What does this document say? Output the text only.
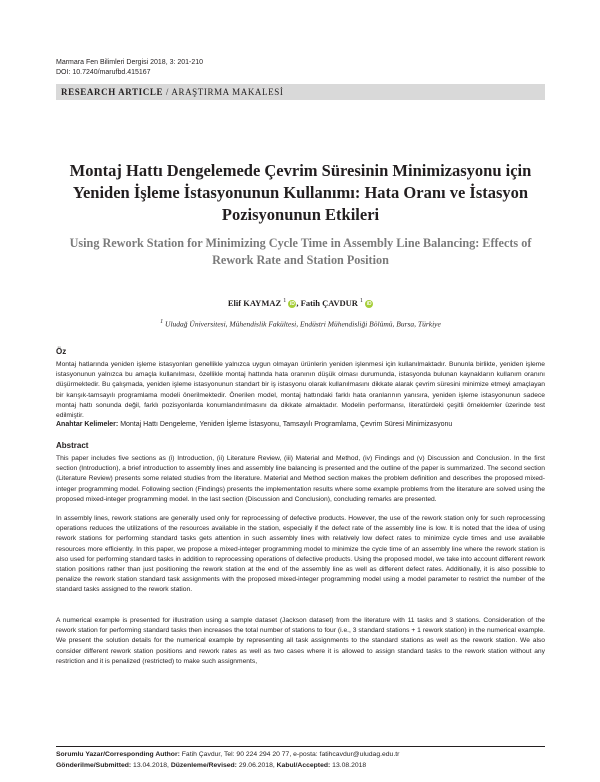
Marmara Fen Bilimleri Dergisi 2018, 3: 201-210
DOI: 10.7240/marufbd.415167
RESEARCH ARTICLE / ARAŞTIRMA MAKALESİ
Montaj Hattı Dengelemede Çevrim Süresinin Minimizasyonu için Yeniden İşleme İstasyonunun Kullanımı: Hata Oranı ve İstasyon Pozisyonunun Etkileri
Using Rework Station for Minimizing Cycle Time in Assembly Line Balancing: Effects of Rework Rate and Station Position
Elif KAYMAZ $^1$ iD , Fatih ÇAVDUR $^1$ iD
$^1$ Uludağ Üniversitesi, Mühendislik Fakültesi, Endüstri Mühendisliği Bölümü, Bursa, Türkiye
Öz
Montaj hatlarında yeniden işleme istasyonları genellikle yalnızca uygun olmayan ürünlerin yeniden işlenmesi için kullanılmaktadır. Bununla birlikte, yeniden işleme istasyonunun yalnızca bu amaçla kullanılması, özellikle montaj hattında hata oranının düşük olması durumunda, istasyonda bulunan kaynakların kullanım oranını düşürmektedir. Bu çalışmada, yeniden işleme istasyonunun standart bir iş istasyonu olarak kullanılmasını dikkate alarak çevrim süresini minimize etmeyi amaçlayan bir karışık-tamsayılı programlama modeli önerilmektedir. Önerilen model, montaj hattındaki farklı hata oranlarının yanısıra, yeniden işleme istasyonunun sadece montaj hattı sonunda değil, farklı pozisyonlarda konumlandırılmasını da dikkate almaktadır. Modelin performansı, literatürdeki çeşitli örneklemler üzerinde test edilmiştir.
Anahtar Kelimeler: Montaj Hattı Dengeleme, Yeniden İşleme İstasyonu, Tamsayılı Programlama, Çevrim Süresi Minimizasyonu
Abstract
This paper includes five sections as (i) Introduction, (ii) Literature Review, (iii) Material and Method, (iv) Findings and (v) Discussion and Conclusion. In the first section (Introduction), a brief introduction to assembly lines and assembly line balancing is presented and the outline of the paper is summarized. The second section (Literature Review) presents some related studies from the literature. Material and Method section makes the problem definition and describes the proposed mixed-integer programming model. Following section (Findings) presents the implementation results where some example problems from the literature are solved using the proposed mixed-integer programming model. In the last section (Discussion and Conclusion), concluding remarks are presented.
In assembly lines, rework stations are generally used only for reprocessing of defective products. However, the use of the rework station only for such reprocessing operations reduces the utilizations of the resources available in the station, especially if the defect rate of the assembly line is low. It is noted that the idea of using rework stations for performing standard tasks gets attention in such assembly lines with relatively low defect rates to minimize cycle times and use available resources more efficiently. In this paper, we propose a mixed-integer programming model to minimize the cycle time of an assembly line where the rework station is also used for performing standard tasks in addition to reprocessing operations of defective products. Using the proposed model, we take into account different rework station positions rather than just positioning the rework station at the end of the assembly line as well as different defect rates. Additionally, it is also possible to penalize the rework station standard task assignments with the proposed mixed-integer programming model using a model parameter to restrict the number of the standard tasks assigned to the rework station.
A numerical example is presented for illustration using a sample dataset (Jackson dataset) from the literature with 11 tasks and 3 stations. Consideration of the rework station for performing standard tasks then increases the total number of stations to four (i.e., 3 standard stations + 1 rework station) in the numerical example. We present the solution details for the numerical example by representing all task assignments to the standard stations as well as the rework station. We also consider different rework station positions and rework rates as well as two cases where it is allowed to assign standard tasks to the rework station without any restriction and it is penalized (restricted) to make such assignments,
Sorumlu Yazar/Corresponding Author: Fatih Çavdur, Tel: 90 224 294 20 77, e-posta: fatihcavdur@uludag.edu.tr
Gönderilme/Submitted: 13.04.2018, Düzenleme/Revised: 29.06.2018, Kabul/Accepted: 13.08.2018
